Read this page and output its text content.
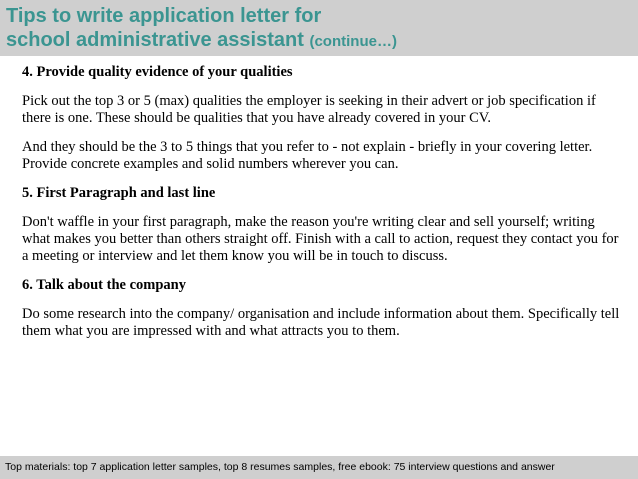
Tips to write application letter for
school administrative assistant (continue…)
4. Provide quality evidence of your qualities
Pick out the top 3 or 5 (max) qualities the employer is seeking in their advert or job specification if there is one. These should be qualities that you have already covered in your CV.
And they should be the 3 to 5 things that you refer to - not explain - briefly in your covering letter. Provide concrete examples and solid numbers wherever you can.
5. First Paragraph and last line
Don't waffle in your first paragraph, make the reason you're writing clear and sell yourself; writing what makes you better than others straight off. Finish with a call to action, request they contact you for a meeting or interview and let them know you will be in touch to discuss.
6. Talk about the company
Do some research into the company/ organisation and include information about them. Specifically tell them what you are impressed with and what attracts you to them.
Top materials: top 7 application letter samples, top 8 resumes samples, free ebook: 75 interview questions and answer
